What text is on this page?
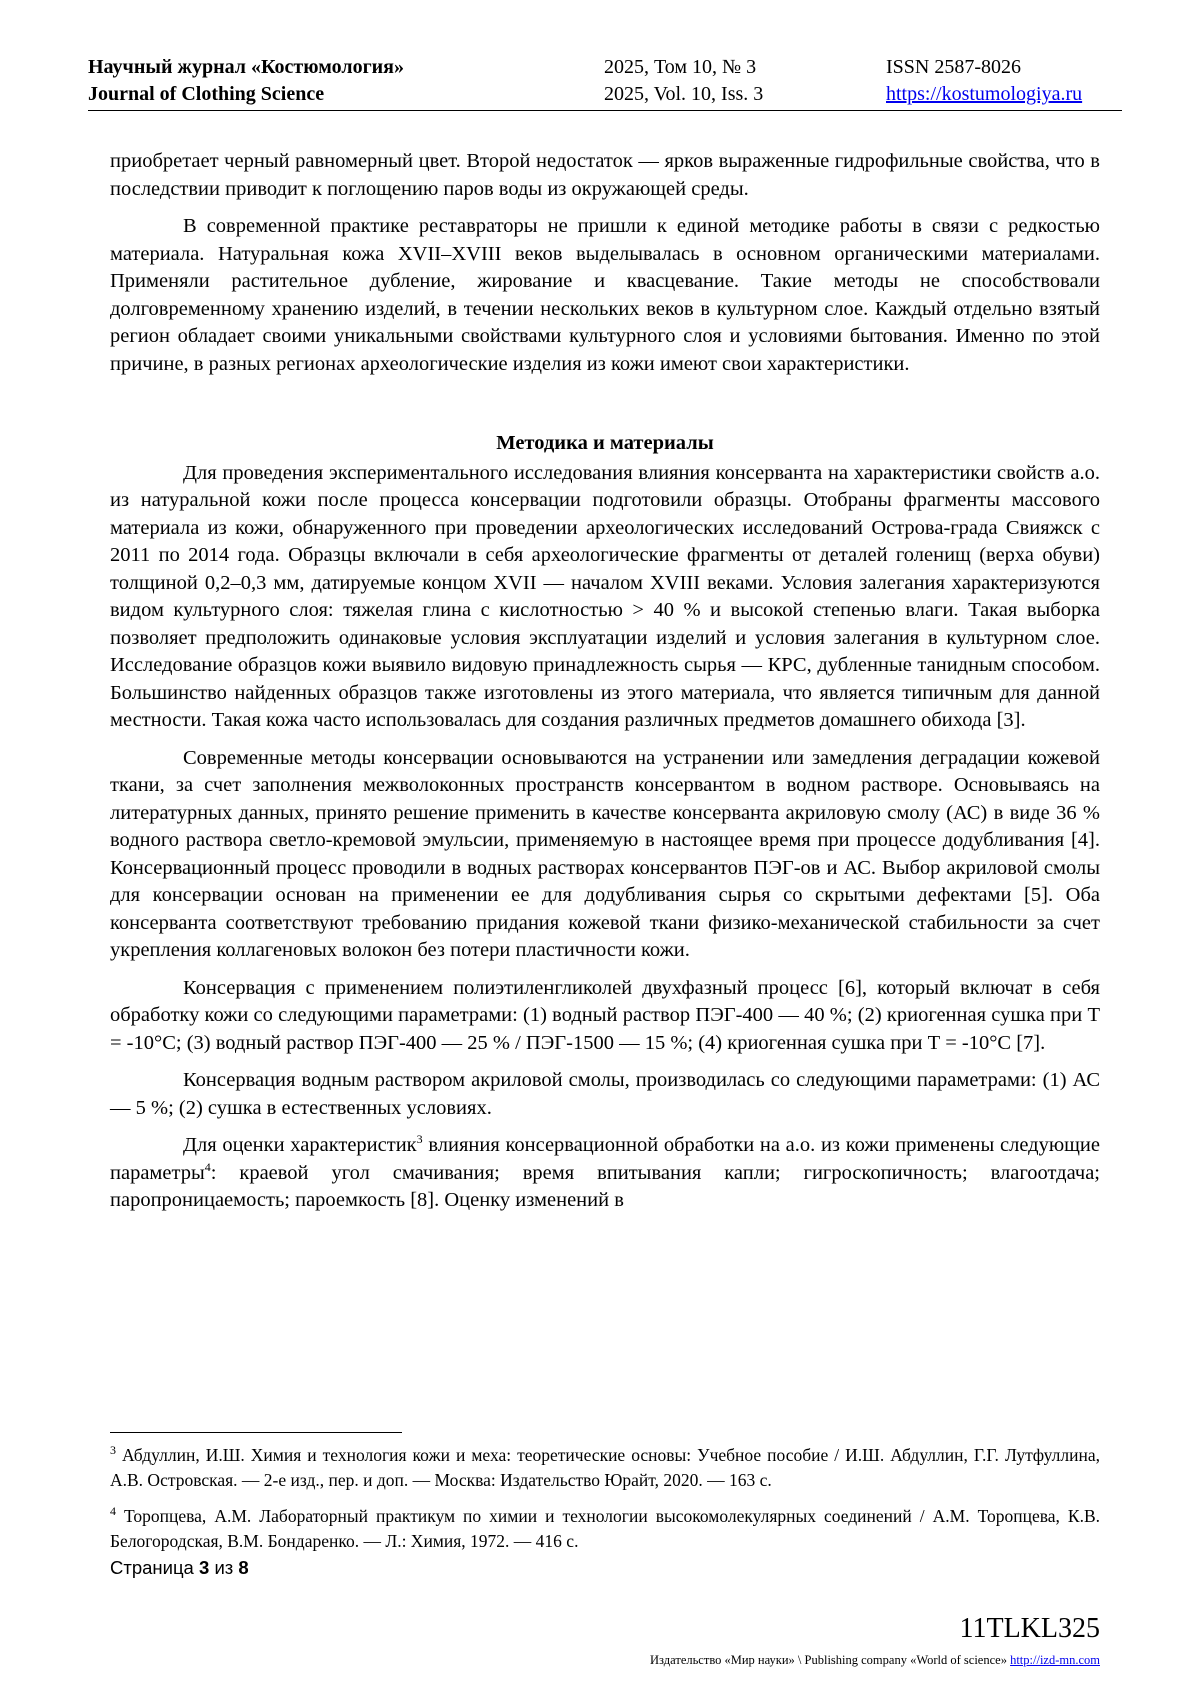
Научный журнал «Костюмология»
Journal of Clothing Science
2025, Том 10, № 3
2025, Vol. 10, Iss. 3
ISSN 2587-8026
https://kostumologiya.ru

приобретает черный равномерный цвет. Второй недостаток — ярков выраженные гидрофильные свойства, что в последствии приводит к поглощению паров воды из окружающей среды.

В современной практике реставраторы не пришли к единой методике работы в связи с редкостью материала. Натуральная кожа XVII–XVIII веков выделывалась в основном органическими материалами. Применяли растительное дубление, жирование и квасцевание. Такие методы не способствовали долговременному хранению изделий, в течении нескольких веков в культурном слое. Каждый отдельно взятый регион обладает своими уникальными свойствами культурного слоя и условиями бытования. Именно по этой причине, в разных регионах археологические изделия из кожи имеют свои характеристики.

Методика и материалы

Для проведения экспериментального исследования влияния консерванта на характеристики свойств а.о. из натуральной кожи после процесса консервации подготовили образцы. Отобраны фрагменты массового материала из кожи, обнаруженного при проведении археологических исследований Острова-града Свияжск с 2011 по 2014 года. Образцы включали в себя археологические фрагменты от деталей голенищ (верха обуви) толщиной 0,2–0,3 мм, датируемые концом XVII — началом XVIII веками. Условия залегания характеризуются видом культурного слоя: тяжелая глина с кислотностью > 40 % и высокой степенью влаги. Такая выборка позволяет предположить одинаковые условия эксплуатации изделий и условия залегания в культурном слое. Исследование образцов кожи выявило видовую принадлежность сырья — КРС, дубленные танидным способом. Большинство найденных образцов также изготовлены из этого материала, что является типичным для данной местности. Такая кожа часто использовалась для создания различных предметов домашнего обихода [3].

Современные методы консервации основываются на устранении или замедления деградации кожевой ткани, за счет заполнения межволоконных пространств консервантом в водном растворе. Основываясь на литературных данных, принято решение применить в качестве консерванта акриловую смолу (АС) в виде 36 % водного раствора светло-кремовой эмульсии, применяемую в настоящее время при процессе додубливания [4]. Консервационный процесс проводили в водных растворах консервантов ПЭГ-ов и АС. Выбор акриловой смолы для консервации основан на применении ее для додубливания сырья со скрытыми дефектами [5]. Оба консерванта соответствуют требованию придания кожевой ткани физико-механической стабильности за счет укрепления коллагеновых волокон без потери пластичности кожи.

Консервация с применением полиэтиленгликолей двухфазный процесс [6], который включат в себя обработку кожи со следующими параметрами: (1) водный раствор ПЭГ-400 — 40 %; (2) криогенная сушка при Т = -10°С; (3) водный раствор ПЭГ-400 — 25 % / ПЭГ-1500 — 15 %; (4) криогенная сушка при Т = -10°С [7].

Консервация водным раствором акриловой смолы, производилась со следующими параметрами: (1) АС — 5 %; (2) сушка в естественных условиях.

Для оценки характеристик$^3$ влияния консервационной обработки на а.о. из кожи применены следующие параметры$^4$: краевой угол смачивания; время впитывания капли; гигроскопичность; влагоотдача; паропроницаемость; пароемкость [8]. Оценку изменений в

$^3$ Абдуллин, И.Ш. Химия и технология кожи и меха: теоретические основы: Учебное пособие / И.Ш. Абдуллин, Г.Г. Лутфуллина, А.В. Островская. — 2-е изд., пер. и доп. — Москва: Издательство Юрайт, 2020. — 163 с.

$^4$ Торопцева, А.М. Лабораторный практикум по химии и технологии высокомолекулярных соединений / А.М. Торопцева, К.В. Белогородская, В.М. Бондаренко. — Л.: Химия, 1972. — 416 с.

Страница 3 из 8
11TLKL325
Издательство «Мир науки» \ Publishing company «World of science» http://izd-mn.com
